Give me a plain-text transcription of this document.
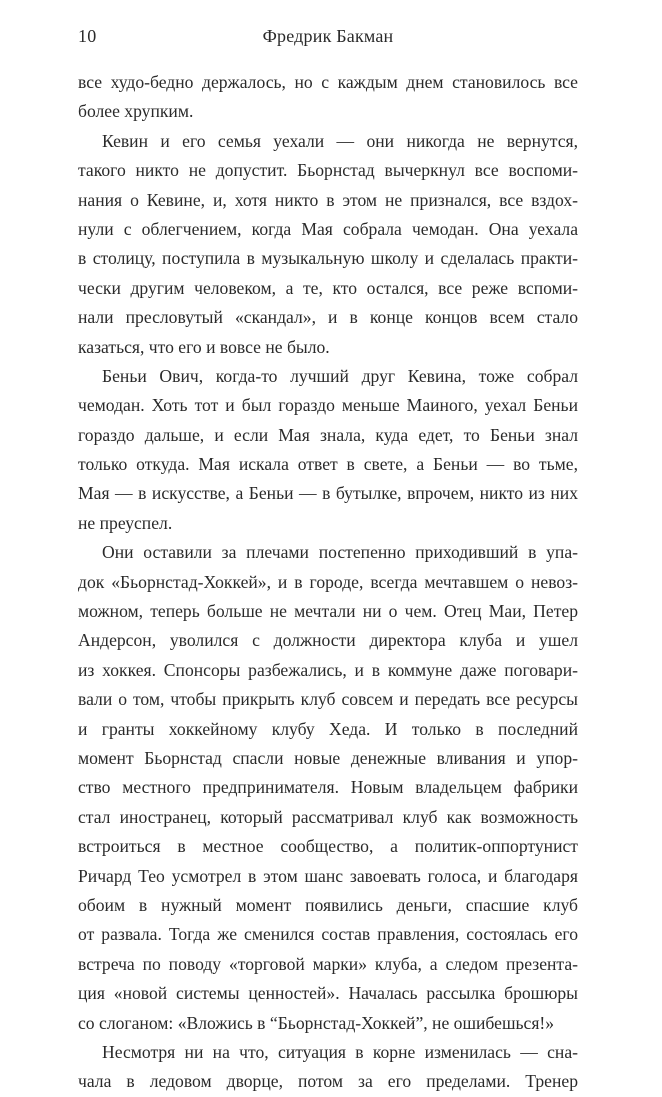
10	Фредрик Бакман
все худо-бедно держалось, но с каждым днем становилось все
более хрупким.
Кевин и его семья уехали — они никогда не вернутся,
такого никто не допустит. Бьорнстад вычеркнул все воспоми-
нания о Кевине, и, хотя никто в этом не признался, все вздох-
нули с облегчением, когда Мая собрала чемодан. Она уехала
в столицу, поступила в музыкальную школу и сделалась практи-
чески другим человеком, а те, кто остался, все реже вспоми-
нали пресловутый «скандал», и в конце концов всем стало
казаться, что его и вовсе не было.
Беньи Ович, когда-то лучший друг Кевина, тоже собрал
чемодан. Хоть тот и был гораздо меньше Маиного, уехал Беньи
гораздо дальше, и если Мая знала, куда едет, то Беньи знал
только откуда. Мая искала ответ в свете, а Беньи — во тьме,
Мая — в искусстве, а Беньи — в бутылке, впрочем, никто из них
не преуспел.
Они оставили за плечами постепенно приходивший в упа-
док «Бьорнстад-Хоккей», и в городе, всегда мечтавшем о невоз-
можном, теперь больше не мечтали ни о чем. Отец Маи, Петер
Андерсон, уволился с должности директора клуба и ушел
из хоккея. Спонсоры разбежались, и в коммуне даже поговари-
вали о том, чтобы прикрыть клуб совсем и передать все ресурсы
и гранты хоккейному клубу Хеда. И только в последний
момент Бьорнстад спасли новые денежные вливания и упор-
ство местного предпринимателя. Новым владельцем фабрики
стал иностранец, который рассматривал клуб как возможность
встроиться в местное сообщество, а политик-оппортунист
Ричард Тео усмотрел в этом шанс завоевать голоса, и благодаря
обоим в нужный момент появились деньги, спасшие клуб
от развала. Тогда же сменился состав правления, состоялась его
встреча по поводу «торговой марки» клуба, а следом презента-
ция «новой системы ценностей». Началась рассылка брошюры
со слоганом: «Вложись в “Бьорнстад-Хоккей”, не ошибешься!»
Несмотря ни на что, ситуация в корне изменилась — сна-
чала в ледовом дворце, потом за его пределами. Тренер
